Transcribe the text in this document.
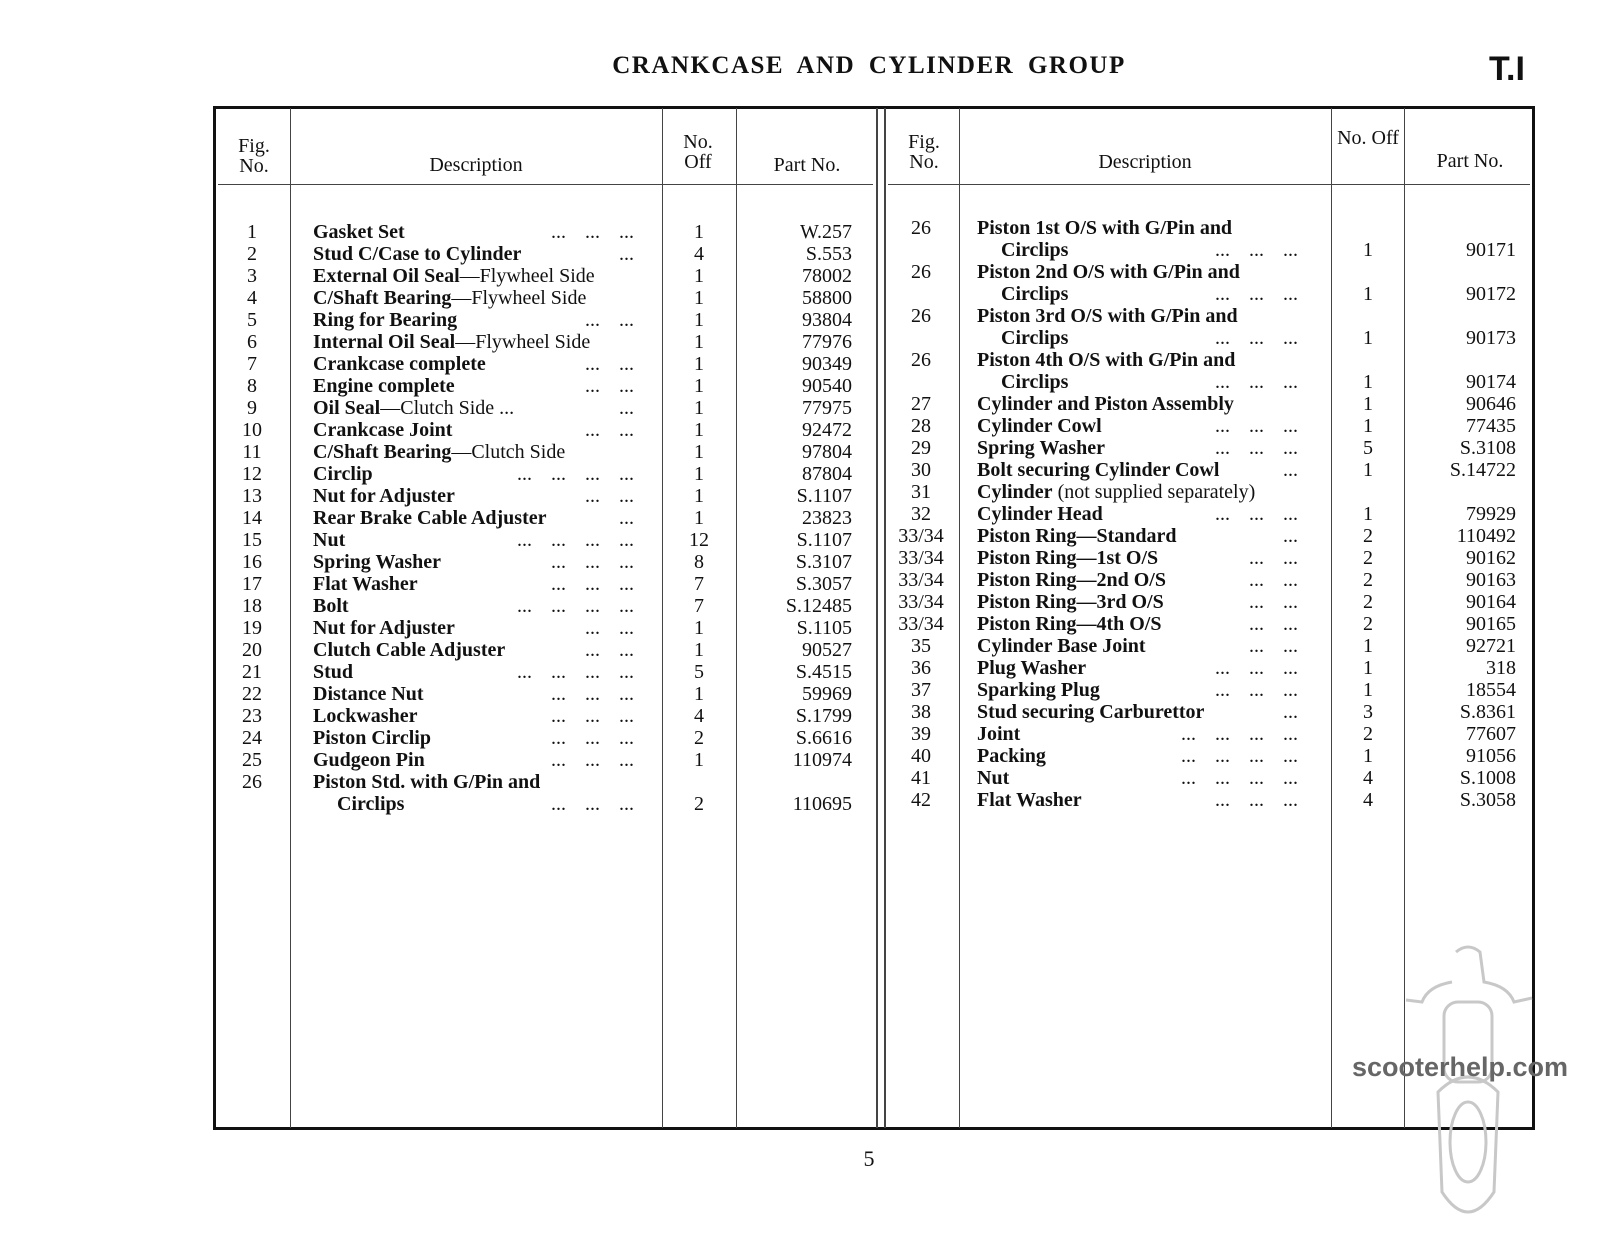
CRANKCASE AND CYLINDER GROUP	T.I
Fig. No.	Description
No. Off	Part No.
Fig. No.	Description
No. Off
Part No.
1	Gasket Set	... ... ...	1	W.257
2	Stud C/Case to Cylinder	...	4	S.553
3	External Oil Seal—Flywheel Side	1	78002
4	C/Shaft Bearing—Flywheel Side	1	58800
5	Ring for Bearing	... ...	1	93804
6	Internal Oil Seal—Flywheel Side	1	77976
7	Crankcase complete	... ...	1	90349
8	Engine complete	... ...	1	90540
9	Oil Seal—Clutch Side ...	...	1	77975
10	Crankcase Joint	... ...	1	92472
11	C/Shaft Bearing—Clutch Side	1	97804
12	Circlip	... ... ... ...	1	87804
13	Nut for Adjuster	... ...	1	S.1107
14	Rear Brake Cable Adjuster	...	1	23823
15	Nut	... ... ... ...	12	S.1107
16	Spring Washer	... ... ...	8	S.3107
17	Flat Washer	... ... ...	7	S.3057
18	Bolt	... ... ... ...	7	S.12485
19	Nut for Adjuster	... ...	1	S.1105
20	Clutch Cable Adjuster	... ...	1	90527
21	Stud	... ... ... ...	5	S.4515
22	Distance Nut	... ... ...	1	59969
23	Lockwasher	... ... ...	4	S.1799
24	Piston Circlip	... ... ...	2	S.6616
25	Gudgeon Pin	... ... ...	1	110974
26	Piston Std. with G/Pin and
Circlips	... ... ...	2	110695
26	Piston 1st O/S with G/Pin and
Circlips	... ... ...	1	90171
26	Piston 2nd O/S with G/Pin and
Circlips	... ... ...	1	90172
26	Piston 3rd O/S with G/Pin and
Circlips	... ... ...	1	90173
26	Piston 4th O/S with G/Pin and
Circlips	... ... ...	1	90174
27	Cylinder and Piston Assembly	1	90646
28	Cylinder Cowl	... ... ...	1	77435
29	Spring Washer	... ... ...	5	S.3108
30	Bolt securing Cylinder Cowl	...	1	S.14722
31	Cylinder (not supplied separately)
32	Cylinder Head	... ... ...	1	79929
33/34	Piston Ring—Standard	...	2	110492
33/34	Piston Ring—1st O/S	... ...	2	90162
33/34	Piston Ring—2nd O/S	... ...	2	90163
33/34	Piston Ring—3rd O/S	... ...	2	90164
33/34	Piston Ring—4th O/S	... ...	2	90165
35	Cylinder Base Joint	... ...	1	92721
36	Plug Washer	... ... ...	1	318
37	Sparking Plug	... ... ...	1	18554
38	Stud securing Carburettor	...	3	S.8361
39	Joint	... ... ... ...	2	77607
40	Packing	... ... ... ...	1	91056
41	Nut	... ... ... ...	4	S.1008
42	Flat Washer	... ... ...	4	S.3058
5
scooterhelp.com
